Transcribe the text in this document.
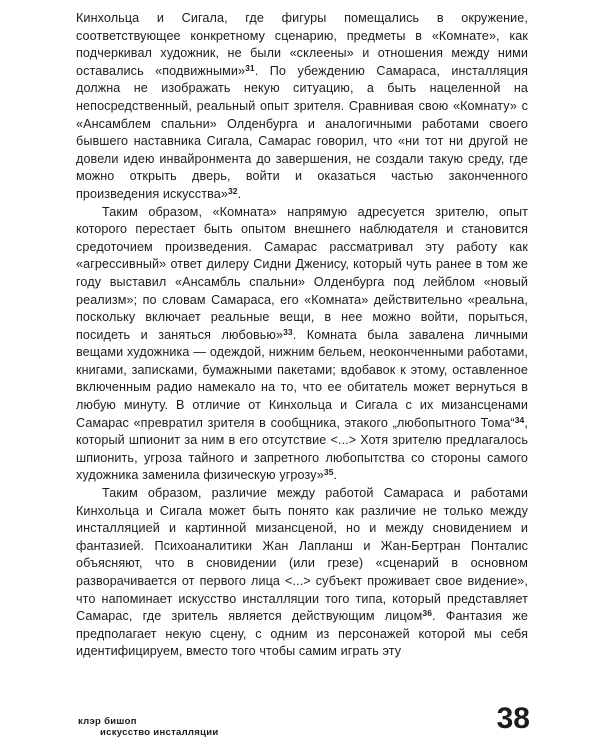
Кинхольца и Сигала, где фигуры помещались в окружение, соответствующее конкретному сценарию, предметы в «Комнате», как подчеркивал художник, не были «склеены» и отношения между ними оставались «подвижными»$^{31}$. По убеждению Самараса, инсталляция должна не изображать некую ситуацию, а быть нацеленной на непосредственный, реальный опыт зрителя. Сравнивая свою «Комнату» с «Ансамблем спальни» Олденбурга и аналогичными работами своего бывшего наставника Сигала, Самарас говорил, что «ни тот ни другой не довели идею инвайронмента до завершения, не создали такую среду, где можно открыть дверь, войти и оказаться частью законченного произведения искусства»$^{32}$.

Таким образом, «Комната» напрямую адресуется зрителю, опыт которого перестает быть опытом внешнего наблюдателя и становится средоточием произведения. Самарас рассматривал эту работу как «агрессивный» ответ дилеру Сидни Дженису, который чуть ранее в том же году выставил «Ансамбль спальни» Олденбурга под лейблом «новый реализм»; по словам Самараса, его «Комната» действительно «реальна, поскольку включает реальные вещи, в нее можно войти, порыться, посидеть и заняться любовью»$^{33}$. Комната была завалена личными вещами художника — одеждой, нижним бельем, неоконченными работами, книгами, записками, бумажными пакетами; вдобавок к этому, оставленное включенным радио намекало на то, что ее обитатель может вернуться в любую минуту. В отличие от Кинхольца и Сигала с их мизансценами Самарас «превратил зрителя в сообщника, этакого „любопытного Тома“$^{34}$, который шпионит за ним в его отсутствие <...> Хотя зрителю предлагалось шпионить, угроза тайного и запретного любопытства со стороны самого художника заменила физическую угрозу»$^{35}$.

Таким образом, различие между работой Самараса и работами Кинхольца и Сигала может быть понято как различие не только между инсталляцией и картинной мизансценой, но и между сновидением и фантазией. Психоаналитики Жан Лапланш и Жан-Бертран Понталис объясняют, что в сновидении (или грезе) «сценарий в основном разворачивается от первого лица <...> субъект проживает свое видение», что напоминает искусство инсталляции того типа, который представляет Самарас, где зритель является действующим лицом$^{36}$. Фантазия же предполагает некую сцену, с одним из персонажей которой мы себя идентифицируем, вместо того чтобы самим играть эту

клэр бишоп
искусство инсталляции	38
